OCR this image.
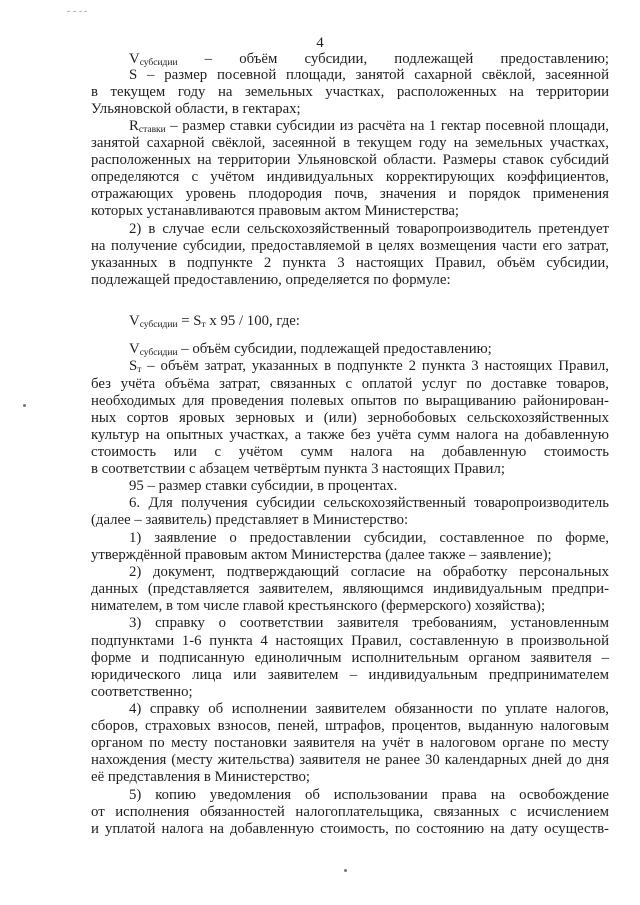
4
Vсубсидии – объём субсидии, подлежащей предоставлению;
S – размер посевной площади, занятой сахарной свёклой, засеянной
в текущем году на земельных участках, расположенных на территории
Ульяновской области, в гектарах;
Rставки – размер ставки субсидии из расчёта на 1 гектар посевной площади,
занятой сахарной свёклой, засеянной в текущем году на земельных участках,
расположенных на территории Ульяновской области. Размеры ставок субсидий
определяются с учётом индивидуальных корректирующих коэффициентов,
отражающих уровень плодородия почв, значения и порядок применения
которых устанавливаются правовым актом Министерства;
2) в случае если сельскохозяйственный товаропроизводитель претендует
на получение субсидии, предоставляемой в целях возмещения части его затрат,
указанных в подпункте 2 пункта 3 настоящих Правил, объём субсидии,
подлежащей предоставлению, определяется по формуле:
Vсубсидии = Sт x 95 / 100, где:
Vсубсидии – объём субсидии, подлежащей предоставлению;
Sт – объём затрат, указанных в подпункте 2 пункта 3 настоящих Правил,
без учёта объёма затрат, связанных с оплатой услуг по доставке товаров,
необходимых для проведения полевых опытов по выращиванию районирован-
ных сортов яровых зерновых и (или) зернобобовых сельскохозяйственных
культур на опытных участках, а также без учёта сумм налога на добавленную
стоимость или с учётом сумм налога на добавленную стоимость
в соответствии с абзацем четвёртым пункта 3 настоящих Правил;
95 – размер ставки субсидии, в процентах.
6. Для получения субсидии сельскохозяйственный товаропроизводитель
(далее – заявитель) представляет в Министерство:
1) заявление о предоставлении субсидии, составленное по форме,
утверждённой правовым актом Министерства (далее также – заявление);
2) документ, подтверждающий согласие на обработку персональных
данных (представляется заявителем, являющимся индивидуальным предпри-
нимателем, в том числе главой крестьянского (фермерского) хозяйства);
3) справку о соответствии заявителя требованиям, установленным
подпунктами 1-6 пункта 4 настоящих Правил, составленную в произвольной
форме и подписанную единоличным исполнительным органом заявителя –
юридического лица или заявителем – индивидуальным предпринимателем
соответственно;
4) справку об исполнении заявителем обязанности по уплате налогов,
сборов, страховых взносов, пеней, штрафов, процентов, выданную налоговым
органом по месту постановки заявителя на учёт в налоговом органе по месту
нахождения (месту жительства) заявителя не ранее 30 календарных дней до дня
её представления в Министерство;
5) копию уведомления об использовании права на освобождение
от исполнения обязанностей налогоплательщика, связанных с исчислением
и уплатой налога на добавленную стоимость, по состоянию на дату осуществ-
